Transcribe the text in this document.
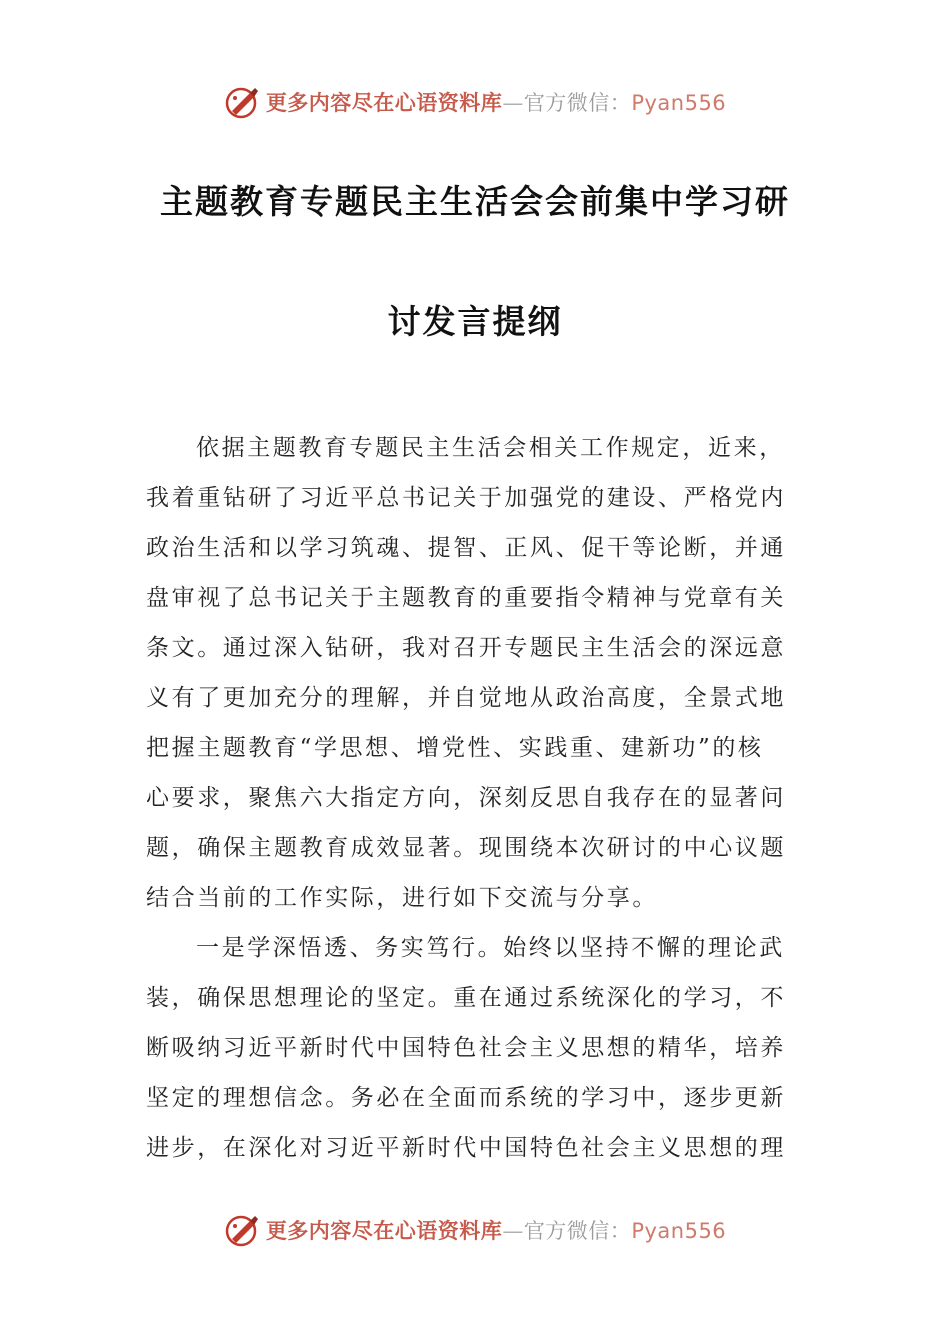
更多内容尽在心语资料库—官方微信：Pyan556
主题教育专题民主生活会会前集中学习研
讨发言提纲
依据主题教育专题民主生活会相关工作规定，近来，
我着重钻研了习近平总书记关于加强党的建设、严格党内
政治生活和以学习筑魂、提智、正风、促干等论断，并通
盘审视了总书记关于主题教育的重要指令精神与党章有关
条文。通过深入钻研，我对召开专题民主生活会的深远意
义有了更加充分的理解，并自觉地从政治高度，全景式地
把握主题教育“学思想、增党性、实践重、建新功”的核
心要求，聚焦六大指定方向，深刻反思自我存在的显著问
题，确保主题教育成效显著。现围绕本次研讨的中心议题
结合当前的工作实际，进行如下交流与分享。
一是学深悟透、务实笃行。始终以坚持不懈的理论武
装，确保思想理论的坚定。重在通过系统深化的学习，不
断吸纳习近平新时代中国特色社会主义思想的精华，培养
坚定的理想信念。务必在全面而系统的学习中，逐步更新
进步，在深化对习近平新时代中国特色社会主义思想的理
更多内容尽在心语资料库—官方微信：Pyan556
